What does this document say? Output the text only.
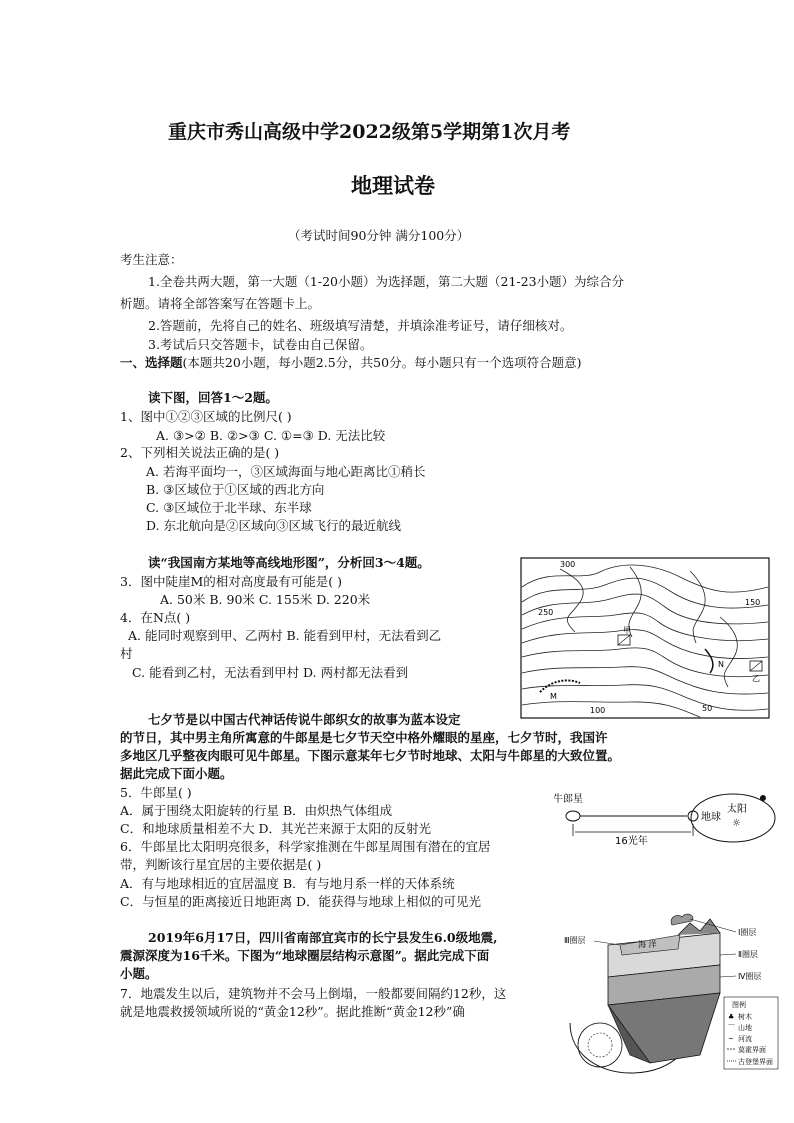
重庆市秀山高级中学2022级第5学期第1次月考
地理试卷
（考试时间90分钟 满分100分）
考生注意：
1.全卷共两大题，第一大题（1-20小题）为选择题，第二大题（21-23小题）为综合分
析题。请将全部答案写在答题卡上。
2.答题前，先将自己的姓名、班级填写清楚，并填涂准考证号，请仔细核对。
3.考试后只交答题卡，试卷由自己保留。
一、选择题(本题共20小题，每小题2.5分，共50分。每小题只有一个选项符合题意)
读下图，回答1～2题。
1、图中①②③区域的比例尺( )
A. ③>② B. ②>③ C. ①=③ D. 无法比较
2、下列相关说法正确的是( )
A. 若海平面均一，③区域海面与地心距离比①稍长
B. ③区域位于①区域的西北方向
C. ③区域位于北半球、东半球
D. 东北航向是②区域向③区域飞行的最近航线
读“我国南方某地等高线地形图”，分析回3～4题。
3．图中陡崖M的相对高度最有可能是( )
A. 50米 B. 90米 C. 155米 D. 220米
4．在N点( )
A. 能同时观察到甲、乙两村 B. 能看到甲村，无法看到乙
村
C. 能看到乙村，无法看到甲村 D. 两村都无法看到
300
250
150
100	50
甲
乙
N
M
七夕节是以中国古代神话传说牛郎织女的故事为蓝本设定
的节日，其中男主角所寓意的牛郎星是七夕节天空中格外耀眼的星座，七夕节时，我国许
多地区几乎整夜肉眼可见牛郎星。下图示意某年七夕节时地球、太阳与牛郎星的大致位置。
据此完成下面小题。
5．牛郎星( )
A．属于围绕太阳旋转的行星 B．由炽热气体组成
C．和地球质量相差不大 D．其光芒来源于太阳的反射光
6．牛郎星比太阳明亮很多，科学家推测在牛郎星周围有潜在的宜居
带，判断该行星宜居的主要依据是( )
A．有与地球相近的宜居温度 B．有与地月系一样的天体系统
C．与恒星的距离接近日地距离 D．能获得与地球上相似的可见光
牛郎星
地球
太阳
☼
16光年
2019年6月17日，四川省南部宜宾市的长宁县发生6.0级地震,
震源深度为16千米。下图为“地球圈层结构示意图”。据此完成下面
小题。
7．地震发生以后，建筑物并不会马上倒塌，一般都要间隔约12秒，这
就是地震救援领域所说的“黄金12秒”。据此推断“黄金12秒”确
海 洋
Ⅲ圈层
Ⅰ圈层
Ⅱ圈层
Ⅳ圈层
图例
♣ 树木
⌒ 山地
~ 河流
莫霍界面
古登堡界面
